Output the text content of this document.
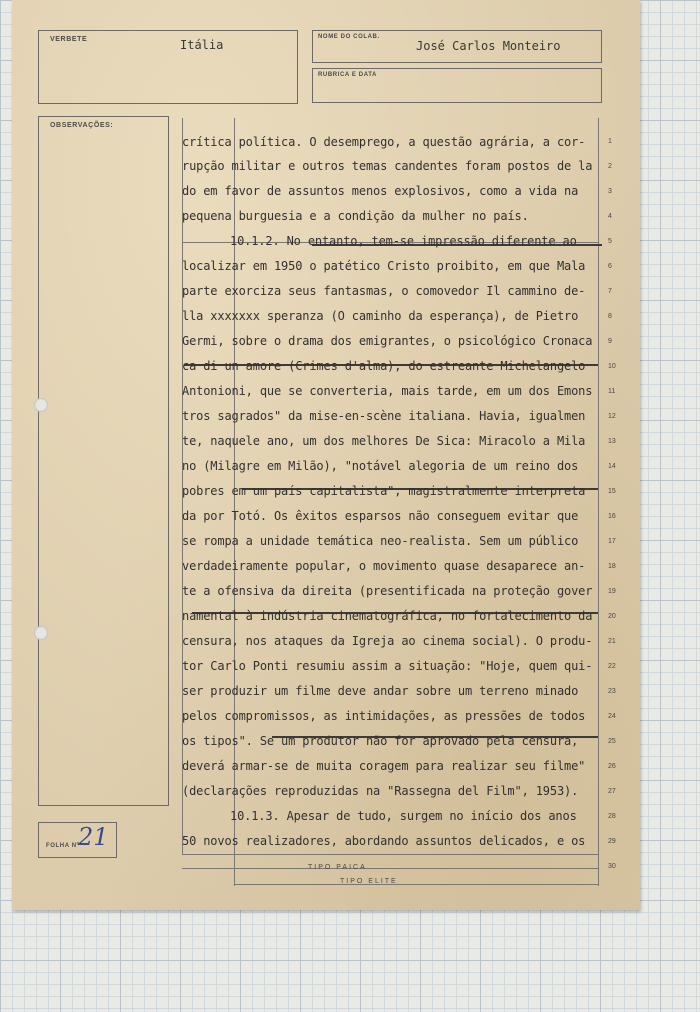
VERBETE	Itália
NOME DO COLAB.
José Carlos Monteiro
RUBRICA E DATA
OBSERVAÇÕES:
FOLHA Nº
21
TIPO PAICA
TIPO ELITE
crítica política. O desemprego, a questão agrária, a cor-
rupção militar e outros temas candentes foram postos de la
do em favor de assuntos menos explosivos, como a vida na
pequena burguesia e a condição da mulher no país.
10.1.2. No entanto, tem-se impressão diferente ao
localizar em 1950 o patético Cristo proibito, em que Mala
parte exorciza seus fantasmas, o comovedor Il cammino de-
lla xxxxxxx speranza (O caminho da esperança), de Pietro
Germi, sobre o drama dos emigrantes, o psicológico Cronaca
ca di un amore (Crimes d'alma), do estreante Michelangelo
Antonioni, que se converteria, mais tarde, em um dos Emons
tros sagrados" da mise-en-scène italiana. Havia, igualmen
te, naquele ano, um dos melhores De Sica: Miracolo a Mila
no (Milagre em Milão), "notável alegoria de um reino dos
pobres em um país capitalista", magistralmente interpreta
da por Totó. Os êxitos esparsos não conseguem evitar que
se rompa a unidade temática neo-realista. Sem um público
verdadeiramente popular, o movimento quase desaparece an-
te a ofensiva da direita (presentificada na proteção gover
namental à indústria cinematográfica, no fortalecimento da
censura, nos ataques da Igreja ao cinema social). O produ-
tor Carlo Ponti resumiu assim a situação: "Hoje, quem qui-
ser produzir um filme deve andar sobre um terreno minado
pelos compromissos, as intimidações, as pressões de todos
os tipos". Se um produtor não for aprovado pela censura,
deverá armar-se de muita coragem para realizar seu filme"
(declarações reproduzidas na "Rassegna del Film", 1953).
10.1.3. Apesar de tudo, surgem no início dos anos
50 novos realizadores, abordando assuntos delicados, e os
1
2
3
4
5
6
7
8
9
10
11
12
13
14
15
16
17
18
19
20
21
22
23
24
25
26
27
28
29
30
